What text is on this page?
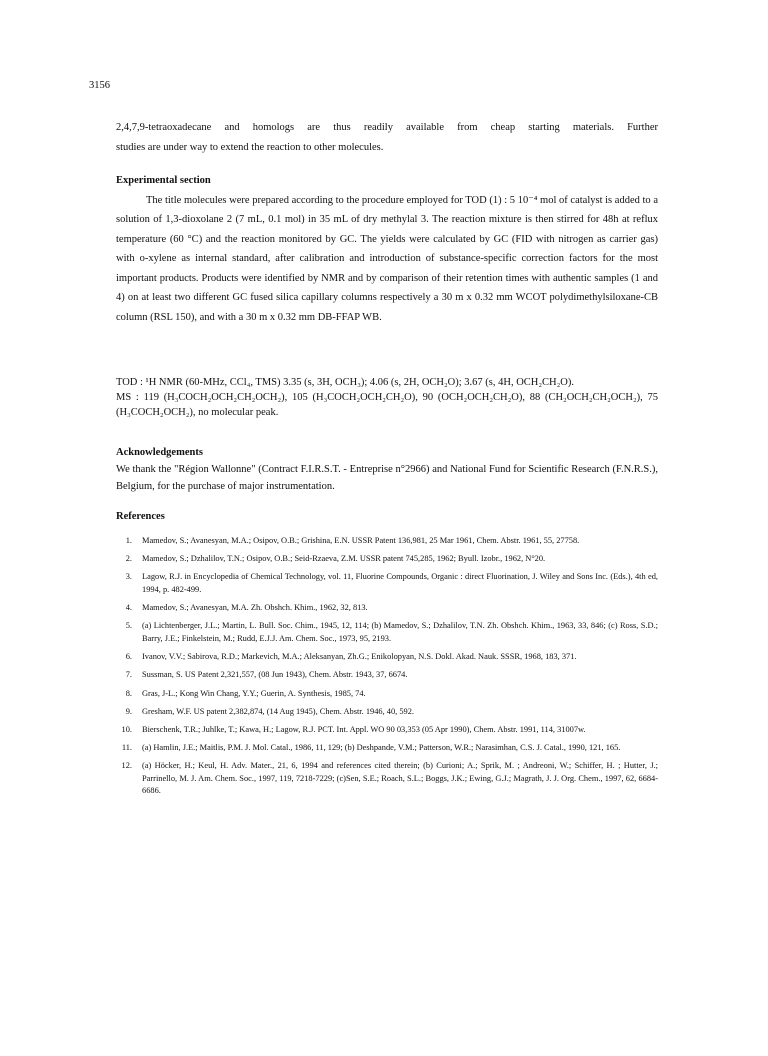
3156
2,4,7,9-tetraoxadecane and homologs are thus readily available from cheap starting materials. Further
studies are under way to extend the reaction to other molecules.
Experimental section
The title molecules were prepared according to the procedure employed for TOD (1) : 5 10⁻⁴ mol of catalyst is added to a solution of 1,3-dioxolane 2 (7 mL, 0.1 mol) in 35 mL of dry methylal 3. The reaction mixture is then stirred for 48h at reflux temperature (60 °C) and the reaction monitored by GC. The yields were calculated by GC (FID with nitrogen as carrier gas) with o-xylene as internal standard, after calibration and introduction of substance-specific correction factors for the most important products. Products were identified by NMR and by comparison of their retention times with authentic samples (1 and 4) on at least two different GC fused silica capillary columns respectively a 30 m x 0.32 mm WCOT polydimethylsiloxane-CB column (RSL 150), and with a 30 m x 0.32 mm DB-FFAP WB.
TOD : ¹H NMR (60-MHz, CCl₄, TMS) 3.35 (s, 3H, OCH₃); 4.06 (s, 2H, OCH₂O); 3.67 (s, 4H, OCH₂CH₂O).
MS : 119 (H₃COCH₂OCH₂CH₂OCH₂), 105 (H₃COCH₂OCH₂CH₂O), 90 (OCH₂OCH₂CH₂O), 88 (CH₂OCH₂CH₂OCH₂), 75 (H₃COCH₂OCH₂), no molecular peak.
Acknowledgements
We thank the "Région Wallonne" (Contract F.I.R.S.T. - Entreprise n°2966) and National Fund for Scientific Research (F.N.R.S.), Belgium, for the purchase of major instrumentation.
References
1. Mamedov, S.; Avanesyan, M.A.; Osipov, O.B.; Grishina, E.N. USSR Patent 136,981, 25 Mar 1961, Chem. Abstr. 1961, 55, 27758.
2. Mamedov, S.; Dzhalilov, T.N.; Osipov, O.B.; Seid-Rzaeva, Z.M. USSR patent 745,285, 1962; Byull. Izobr., 1962, N°20.
3. Lagow, R.J. in Encyclopedia of Chemical Technology, vol. 11, Fluorine Compounds, Organic : direct Fluorination, J. Wiley and Sons Inc. (Eds.), 4th ed, 1994, p. 482-499.
4. Mamedov, S.; Avanesyan, M.A. Zh. Obshch. Khim., 1962, 32, 813.
5. (a) Lichtenberger, J.L.; Martin, L. Bull. Soc. Chim., 1945, 12, 114; (b) Mamedov, S.; Dzhalilov, T.N. Zh. Obshch. Khim., 1963, 33, 846; (c) Ross, S.D.; Barry, J.E.; Finkelstein, M.; Rudd, E.J.J. Am. Chem. Soc., 1973, 95, 2193.
6. Ivanov, V.V.; Sabirova, R.D.; Markevich, M.A.; Aleksanyan, Zh.G.; Enikolopyan, N.S. Dokl. Akad. Nauk. SSSR, 1968, 183, 371.
7. Sussman, S. US Patent 2,321,557, (08 Jun 1943), Chem. Abstr. 1943, 37, 6674.
8. Gras, J-L.; Kong Win Chang, Y.Y.; Guerin, A. Synthesis, 1985, 74.
9. Gresham, W.F. US patent 2,382,874, (14 Aug 1945), Chem. Abstr. 1946, 40, 592.
10. Bierschenk, T.R.; Juhlke, T.; Kawa, H.; Lagow, R.J. PCT. Int. Appl. WO 90 03,353 (05 Apr 1990), Chem. Abstr. 1991, 114, 31007w.
11. (a) Hamlin, J.E.; Maitlis, P.M. J. Mol. Catal., 1986, 11, 129; (b) Deshpande, V.M.; Patterson, W.R.; Narasimhan, C.S. J. Catal., 1990, 121, 165.
12. (a) Höcker, H.; Keul, H. Adv. Mater., 21, 6, 1994 and references cited therein; (b) Curioni; A.; Sprik, M. ; Andreoni, W.; Schiffer, H. ; Hutter, J.; Parrinello, M. J. Am. Chem. Soc., 1997, 119, 7218-7229; (c)Sen, S.E.; Roach, S.L.; Boggs, J.K.; Ewing, G.J.; Magrath, J. J. Org. Chem., 1997, 62, 6684-6686.
